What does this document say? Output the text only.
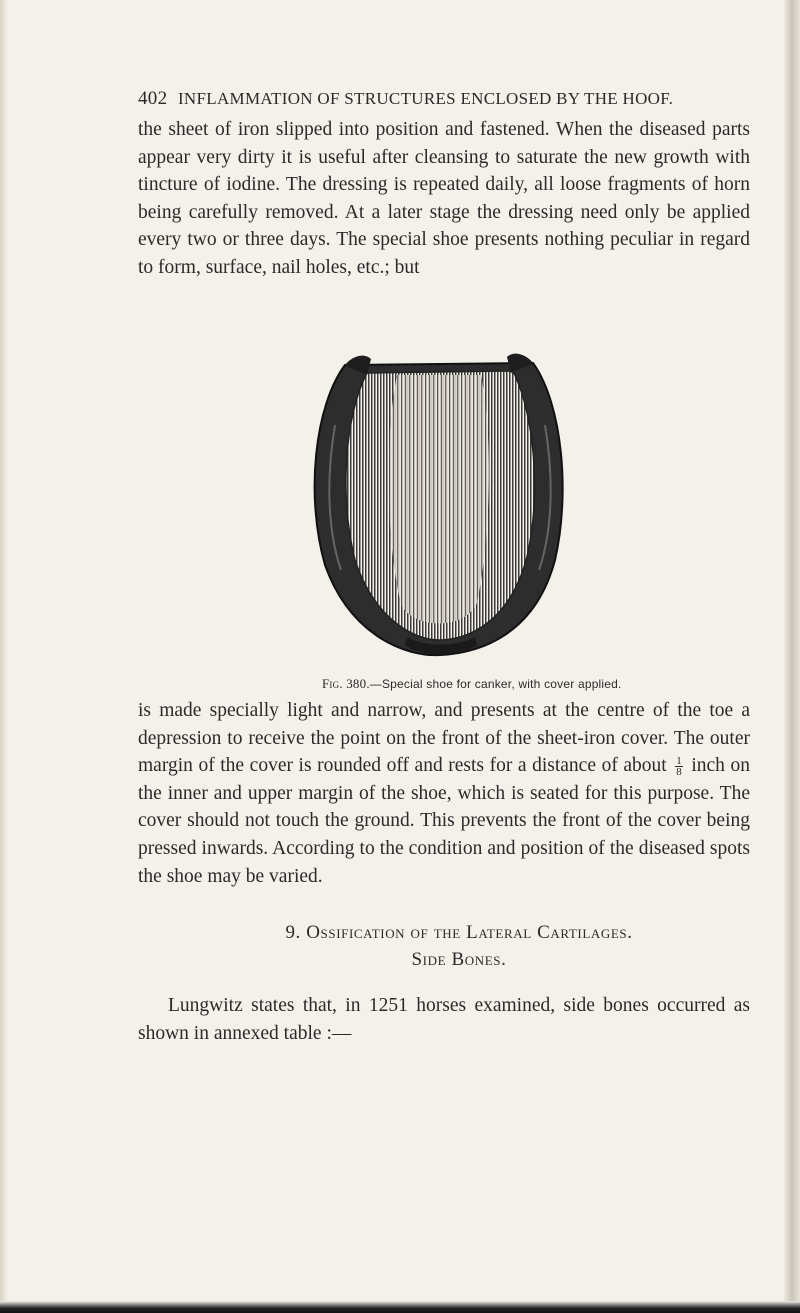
402 INFLAMMATION OF STRUCTURES ENCLOSED BY THE HOOF.

the sheet of iron slipped into position and fastened. When the diseased parts appear very dirty it is useful after cleansing to saturate the new growth with tincture of iodine. The dressing is repeated daily, all loose fragments of horn being carefully removed. At a later stage the dressing need only be applied every two or three days. The special shoe presents nothing peculiar in regard to form, surface, nail holes, etc.; but

Fig. 380.—Special shoe for canker, with cover applied.

is made specially light and narrow, and presents at the centre of the toe a depression to receive the point on the front of the sheet-iron cover. The outer margin of the cover is rounded off and rests for a distance of about $\frac{1}{8}$ inch on the inner and upper margin of the shoe, which is seated for this purpose. The cover should not touch the ground. This prevents the front of the cover being pressed inwards. According to the condition and position of the diseased spots the shoe may be varied.

9. Ossification of the Lateral Cartilages.
Side Bones.

Lungwitz states that, in 1251 horses examined, side bones occurred as shown in annexed table :—
